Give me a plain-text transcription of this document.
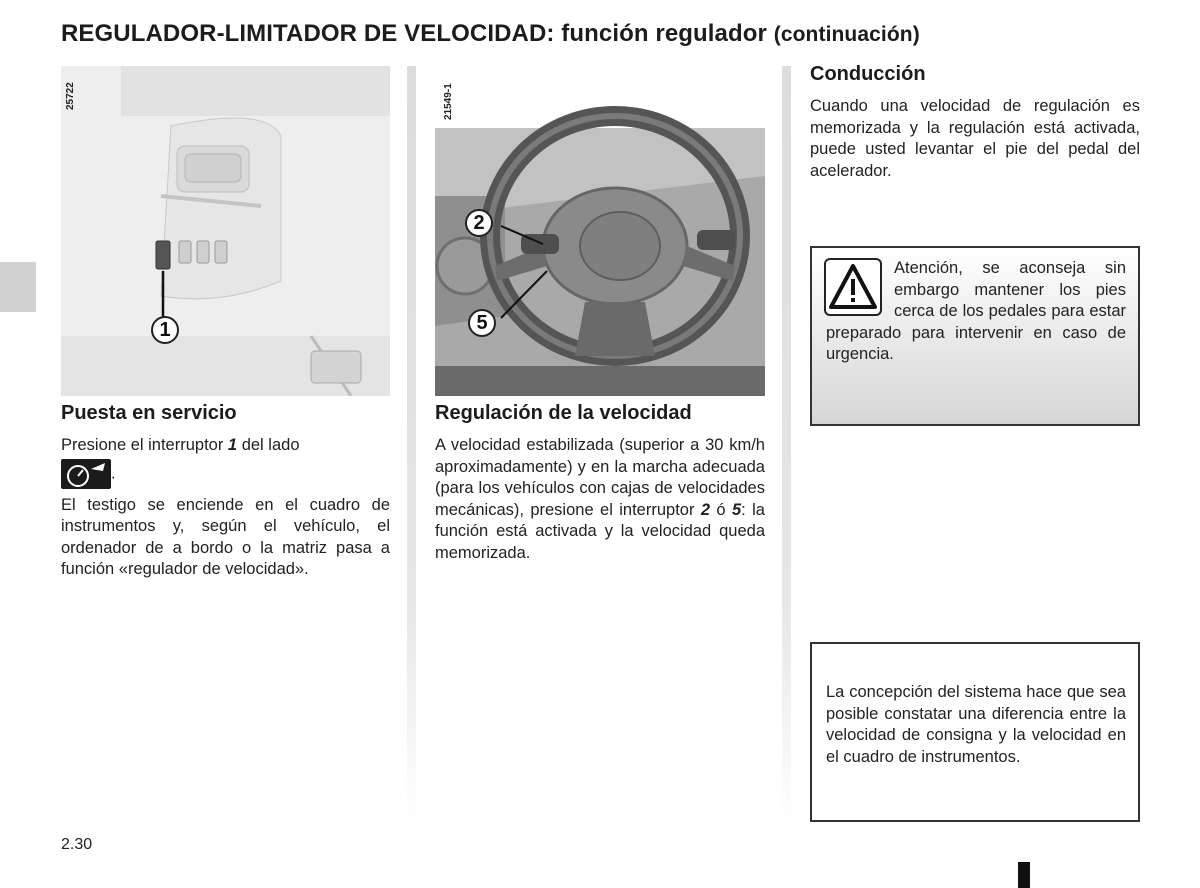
REGULADOR-LIMITADOR DE VELOCIDAD: función regulador (continuación)
25722
1
Puesta en servicio

Presione el interruptor 1 del lado
.

El testigo se enciende en el cuadro de instrumentos y, según el vehículo, el ordenador de a bordo o la matriz pasa a función «regulador de velocidad».

21549-1
2
5
Regulación de la velocidad

A velocidad estabilizada (superior a 30 km/h aproximadamente) y en la marcha adecuada (para los vehículos con cajas de velocidades mecánicas), presione el interruptor 2 ó 5: la función está activada y la velocidad queda memorizada.

Conducción

Cuando una velocidad de regulación es memorizada y la regulación está activada, puede usted levantar el pie del pedal del acelerador.

Atención, se aconseja sin embargo mantener los pies cerca de los pedales para estar preparado para intervenir en caso de urgencia.
La concepción del sistema hace que sea posible constatar una diferencia entre la velocidad de consigna y la velocidad en el cuadro de instrumentos.
2.30
